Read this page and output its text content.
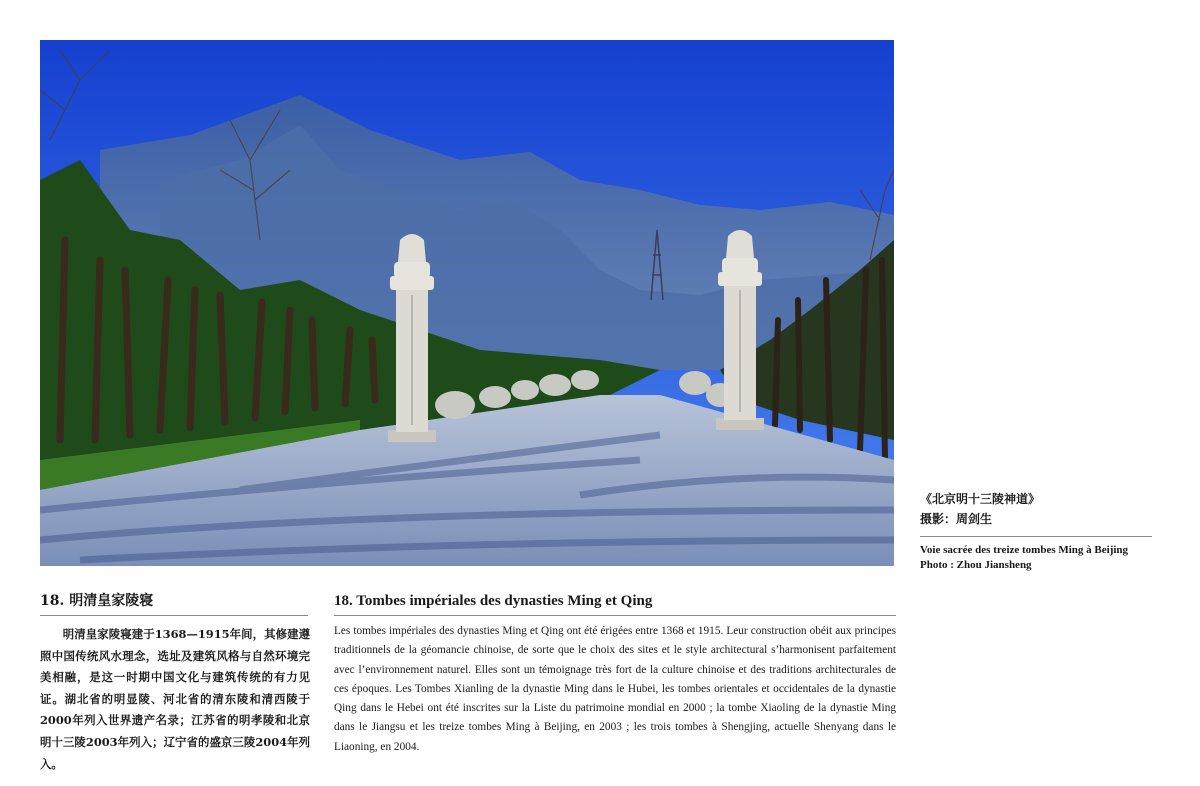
《北京明十三陵神道》
摄影：周剑生
Voie sacrée des treize tombes Ming à Beijing
Photo : Zhou Jiansheng
18. 明清皇家陵寝
明清皇家陵寝建于1368—1915年间，其修建遵照中国传统风水理念，选址及建筑风格与自然环境完美相融，是这一时期中国文化与建筑传统的有力见证。湖北省的明显陵、河北省的清东陵和清西陵于2000年列入世界遗产名录；江苏省的明孝陵和北京明十三陵2003年列入；辽宁省的盛京三陵2004年列入。
18. Tombes impériales des dynasties Ming et Qing
Les tombes impériales des dynasties Ming et Qing ont été érigées entre 1368 et 1915. Leur construction obéit aux principes traditionnels de la géomancie chinoise, de sorte que le choix des sites et le style architectural s’harmonisent parfaitement avec l’environnement naturel. Elles sont un témoignage très fort de la culture chinoise et des traditions architecturales de ces époques. Les Tombes Xianling de la dynastie Ming dans le Hubei, les tombes orientales et occidentales de la dynastie Qing dans le Hebei ont été inscrites sur la Liste du patrimoine mondial en 2000 ; la tombe Xiaoling de la dynastie Ming dans le Jiangsu et les treize tombes Ming à Beijing, en 2003 ; les trois tombes à Shengjing, actuelle Shenyang dans le Liaoning, en 2004.
